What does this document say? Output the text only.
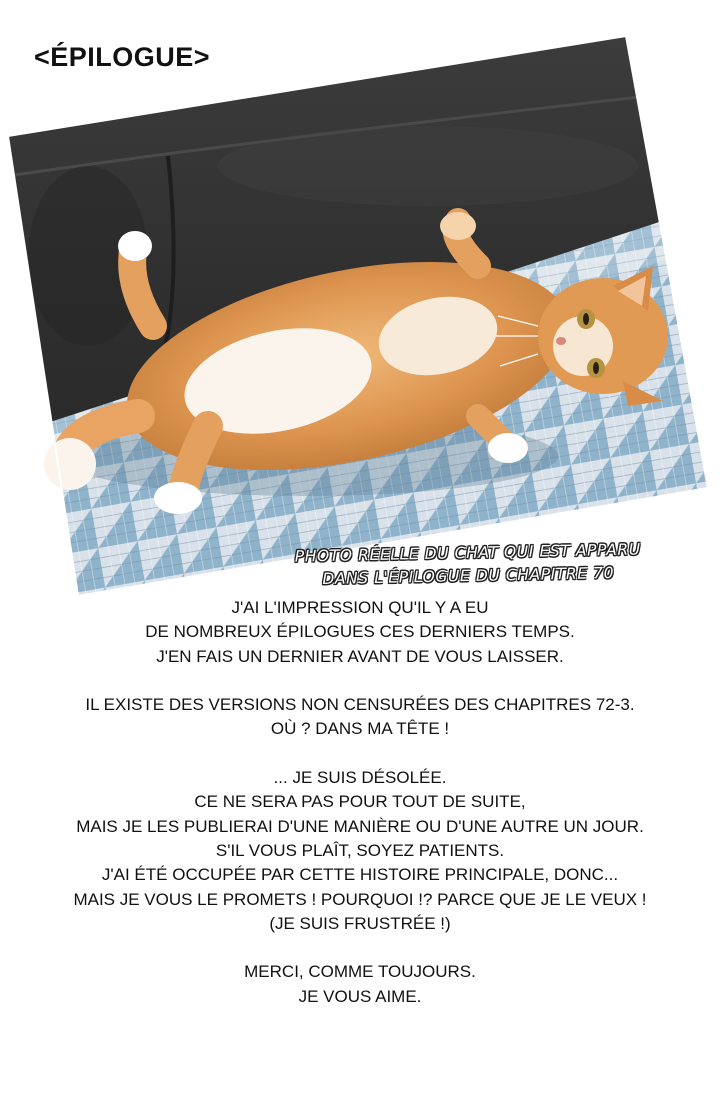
<ÉPILOGUE>
PHOTO RÉELLE DU CHAT QUI EST APPARU
DANS L'ÉPILOGUE DU CHAPITRE 70
J'AI L'IMPRESSION QU'IL Y A EU
DE NOMBREUX ÉPILOGUES CES DERNIERS TEMPS.
J'EN FAIS UN DERNIER AVANT DE VOUS LAISSER.
IL EXISTE DES VERSIONS NON CENSURÉES DES CHAPITRES 72-3.
OÙ ? DANS MA TÊTE !
... JE SUIS DÉSOLÉE.
CE NE SERA PAS POUR TOUT DE SUITE,
MAIS JE LES PUBLIERAI D'UNE MANIÈRE OU D'UNE AUTRE UN JOUR.
S'IL VOUS PLAÎT, SOYEZ PATIENTS.
J'AI ÉTÉ OCCUPÉE PAR CETTE HISTOIRE PRINCIPALE, DONC...
MAIS JE VOUS LE PROMETS ! POURQUOI !? PARCE QUE JE LE VEUX !
(JE SUIS FRUSTRÉE !)
MERCI, COMME TOUJOURS.
JE VOUS AIME.
